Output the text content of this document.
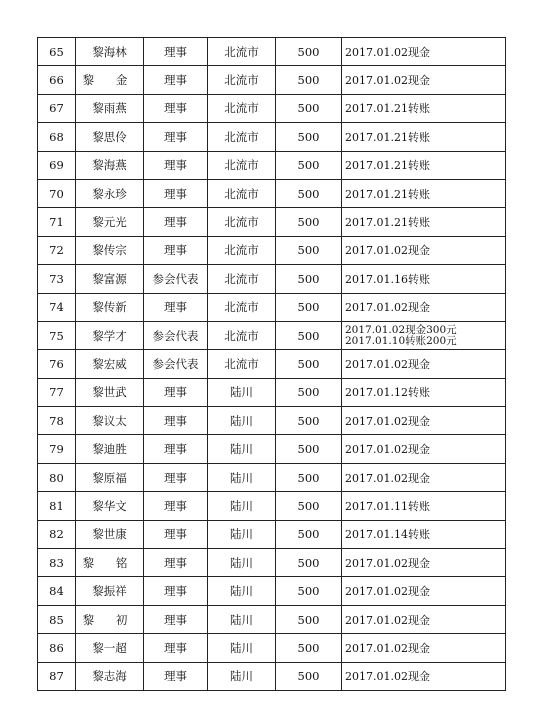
65	黎海林	理事	北流市	500	2017.01.02现金
66	黎 金	理事	北流市	500	2017.01.02现金
67	黎雨燕	理事	北流市	500	2017.01.21转账
68	黎思伶	理事	北流市	500	2017.01.21转账
69	黎海燕	理事	北流市	500	2017.01.21转账
70	黎永珍	理事	北流市	500	2017.01.21转账
71	黎元光	理事	北流市	500	2017.01.21转账
72	黎传宗	理事	北流市	500	2017.01.02现金
73	黎富源	参会代表	北流市	500	2017.01.16转账
74	黎传新	理事	北流市	500	2017.01.02现金
75	黎学才	参会代表	北流市	500	2017.01.02现金300元
2017.01.10转账200元

76	黎宏威	参会代表	北流市	500	2017.01.02现金
77	黎世武	理事	陆川	500	2017.01.12转账
78	黎议太	理事	陆川	500	2017.01.02现金
79	黎迪胜	理事	陆川	500	2017.01.02现金
80	黎原福	理事	陆川	500	2017.01.02现金
81	黎华文	理事	陆川	500	2017.01.11转账
82	黎世康	理事	陆川	500	2017.01.14转账
83	黎 铭	理事	陆川	500	2017.01.02现金
84	黎振祥	理事	陆川	500	2017.01.02现金
85	黎 初	理事	陆川	500	2017.01.02现金
86	黎一超	理事	陆川	500	2017.01.02现金
87	黎志海	理事	陆川	500	2017.01.02现金
